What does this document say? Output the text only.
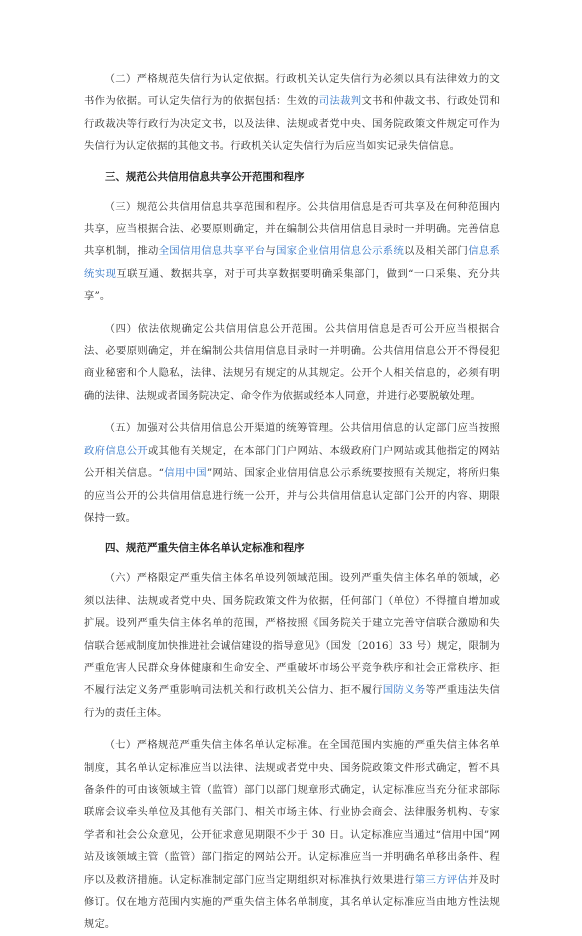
（二）严格规范失信行为认定依据。行政机关认定失信行为必须以具有法律效力的文书作为依据。可认定失信行为的依据包括：生效的司法裁判文书和仲裁文书、行政处罚和行政裁决等行政行为决定文书，以及法律、法规或者党中央、国务院政策文件规定可作为失信行为认定依据的其他文书。行政机关认定失信行为后应当如实记录失信信息。

三、规范公共信用信息共享公开范围和程序

（三）规范公共信用信息共享范围和程序。公共信用信息是否可共享及在何种范围内共享，应当根据合法、必要原则确定，并在编制公共信用信息目录时一并明确。完善信息共享机制，推动全国信用信息共享平台与国家企业信用信息公示系统以及相关部门信息系统实现互联互通、数据共享，对于可共享数据要明确采集部门，做到“一口采集、充分共享”。

（四）依法依规确定公共信用信息公开范围。公共信用信息是否可公开应当根据合法、必要原则确定，并在编制公共信用信息目录时一并明确。公共信用信息公开不得侵犯商业秘密和个人隐私，法律、法规另有规定的从其规定。公开个人相关信息的，必须有明确的法律、法规或者国务院决定、命令作为依据或经本人同意，并进行必要脱敏处理。

（五）加强对公共信用信息公开渠道的统筹管理。公共信用信息的认定部门应当按照政府信息公开或其他有关规定，在本部门门户网站、本级政府门户网站或其他指定的网站公开相关信息。“信用中国”网站、国家企业信用信息公示系统要按照有关规定，将所归集的应当公开的公共信用信息进行统一公开，并与公共信用信息认定部门公开的内容、期限保持一致。

四、规范严重失信主体名单认定标准和程序

（六）严格限定严重失信主体名单设列领域范围。设列严重失信主体名单的领域，必须以法律、法规或者党中央、国务院政策文件为依据，任何部门（单位）不得擅自增加或扩展。设列严重失信主体名单的范围，严格按照《国务院关于建立完善守信联合激励和失信联合惩戒制度加快推进社会诚信建设的指导意见》（国发〔2016〕33 号）规定，限制为严重危害人民群众身体健康和生命安全、严重破坏市场公平竞争秩序和社会正常秩序、拒不履行法定义务严重影响司法机关和行政机关公信力、拒不履行国防义务等严重违法失信行为的责任主体。

（七）严格规范严重失信主体名单认定标准。在全国范围内实施的严重失信主体名单制度，其名单认定标准应当以法律、法规或者党中央、国务院政策文件形式确定，暂不具备条件的可由该领域主管（监管）部门以部门规章形式确定，认定标准应当充分征求部际联席会议牵头单位及其他有关部门、相关市场主体、行业协会商会、法律服务机构、专家学者和社会公众意见，公开征求意见期限不少于 30 日。认定标准应当通过“信用中国”网站及该领域主管（监管）部门指定的网站公开。认定标准应当一并明确名单移出条件、程序以及救济措施。认定标准制定部门应当定期组织对标准执行效果进行第三方评估并及时修订。仅在地方范围内实施的严重失信主体名单制度，其名单认定标准应当由地方性法规规定。
